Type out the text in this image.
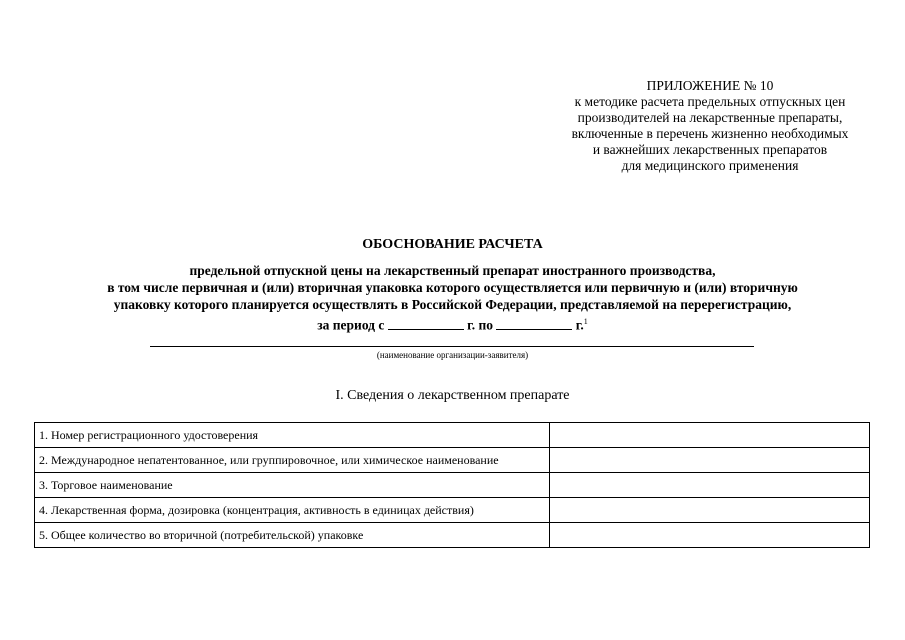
ПРИЛОЖЕНИЕ № 10
к методике расчета предельных отпускных цен
производителей на лекарственные препараты,
включенные в перечень жизненно необходимых
и важнейших лекарственных препаратов
для медицинского применения
ОБОСНОВАНИЕ РАСЧЕТА
предельной отпускной цены на лекарственный препарат иностранного производства,
в том числе первичная и (или) вторичная упаковка которого осуществляется или первичную и (или) вторичную
упаковку которого планируется осуществлять в Российской Федерации, представляемой на перерегистрацию,
за период с	г. по	г.$^1$
(наименование организации-заявителя)
I. Сведения о лекарственном препарате
1. Номер регистрационного удостоверения	
2. Международное непатентованное, или группировочное, или химическое наименование	
3. Торговое наименование	
4. Лекарственная форма, дозировка (концентрация, активность в единицах действия)	
5. Общее количество во вторичной (потребительской) упаковке	
